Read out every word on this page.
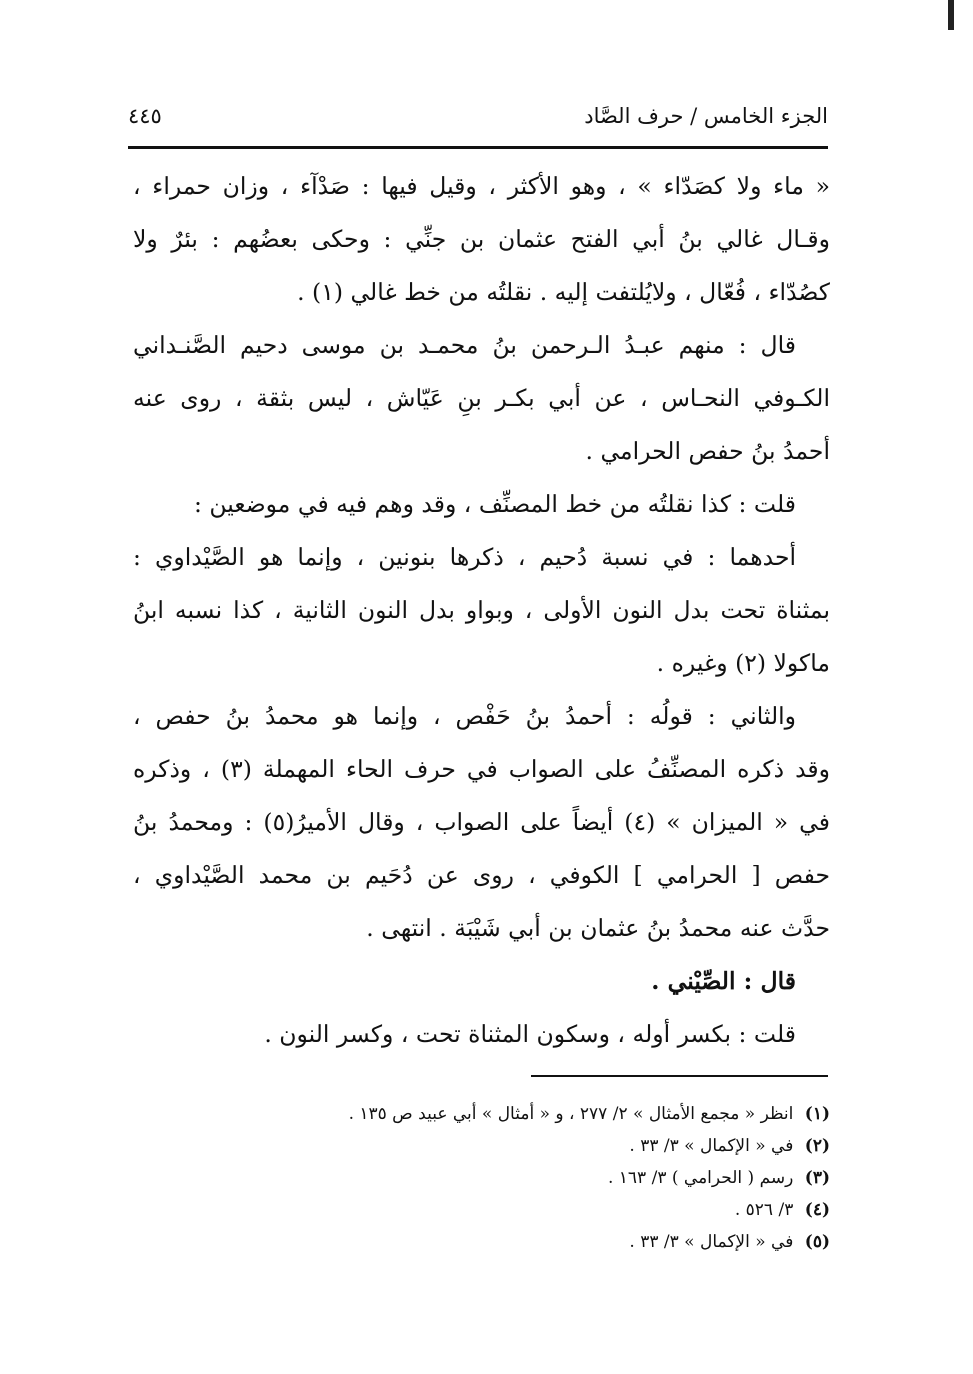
الجزء الخامس / حرف الصَّاد
٤٤٥
« ماء ولا كصَدّاء » ، وهو الأكثر ، وقيل فيها : صَدْآء ، وزان حمراء ،
وقـال غالي بنُ أبي الفتح عثمان بن جنِّي : وحكى بعضُهم : بئرٌ ولا
كصُدّاء ، فُعّال ، ولايُلتفت إليه . نقلتُه من خط غالي (١) .
قال : منهم عبـدُ الـرحمن بنُ محمـد بن موسى دحيم الصَّنـداني
الكـوفي النحـاس ، عن أبي بكـر بنِ عَيّاش ، ليس بثقة ، روى عنه
أحمدُ بنُ حفص الحرامي .
قلت : كذا نقلتُه من خط المصنِّف ، وقد وهم فيه في موضعين :
أحدهما : في نسبة دُحيم ، ذكرها بنونين ، وإنما هو الصَّيْداوي :
بمثناة تحت بدل النون الأولى ، وبواو بدل النون الثانية ، كذا نسبه ابنُ
ماكولا (٢) وغيره .
والثاني : قولُه : أحمدُ بنُ حَفْص ، وإنما هو محمدُ بنُ حفص ،
وقد ذكره المصنِّفُ على الصواب في حرف الحاء المهملة (٣) ، وذكره
في « الميزان » (٤) أيضاً على الصواب ، وقال الأميرُ(٥) : ومحمدُ بنُ
حفص [ الحرامي ] الكوفي ، روى عن دُحَيم بن محمد الصَّيْداوي ،
حدَّث عنه محمدُ بنُ عثمان بن أبي شَيْبَة . انتهى .
قال : الصِّيْني .
قلت : بكسر أوله ، وسكون المثناة تحت ، وكسر النون .
(١) انظر « مجمع الأمثال » ٢/ ٢٧٧ ، و « أمثال » أبي عبيد ص ١٣٥ .
(٢) في « الإكمال » ٣/ ٣٣ .
(٣) رسم ( الحرامي ) ٣/ ١٦٣ .
(٤) ٣/ ٥٢٦ .
(٥) في « الإكمال » ٣/ ٣٣ .
